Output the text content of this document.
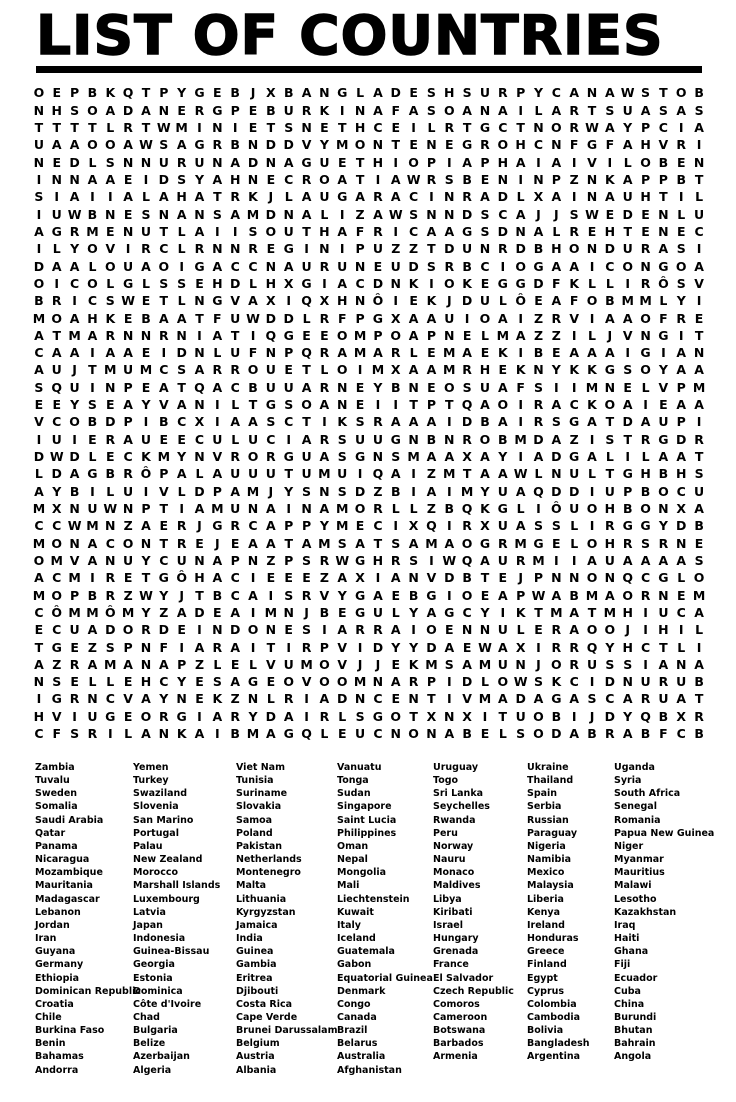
LIST OF COUNTRIES
O E P B K Q T P Y G E B J X B A N G L A D E S H S U R P Y C A N A W S T O B
N H S O A D A N E R G P E B U R K I N A F A S O A N A I L A R T S U A S A S
T T T T L R T W M I N I E T S N E T H C E I L R T G C T N O R W A Y P C I A
U A A O O A W S A G R B N D D V Y M O N T E N E G R O H C N F G F A H V R I
N E D L S N N U R U N A D N A G U E T H I O P I A P H A I A I V I L O B E N
I N N A A E I D S Y A H N E C R O A T I A W R S B E N I N P Z N K A P P B T
S I A I	I A L A H A T R K J L A U G A R A C I N R A D L X A I N A U H T I L
I U W B N E S N A N S A M D N A L I Z A W S N N D S C A J	J S W E D E N L U
A G R M E N U T L A I	I S O U T H A F R I C A A G S D N A L R E H T E N E C
I L Y O V I R C L R N N R E G I N I P U Z Z T D U N R D B H O N D U R A S I
D A A L O U A O I G A C C N A U R U N E U D S R B C I O G A A I C O N G O A
O I C O L G L S S E H D L H X G I A C D N K I O K E G G D F K L L I R Ô S V
B R I C S W E T L N G V A X I Q X H N Ô I E K J D U L Ô E A F O B M M L Y I
M O A H K E B A A T F U W D D L R F P G X A A U I O A I Z R V I A A O F R E
A T M A R N N R N I A T I Q G E E O M P O A P N E L M A Z Z I L J V N G I T
C A A I A A E I D N L U F N P Q R A M A R L E M A E K I B E A A A I G I A N
A U J T M U M C S A R R O U E T L O I M X A A M R H E K N Y K K G S O Y A A
S Q U I N P E A T Q A C B U U A R N E Y B N E O S U A F S I	I M N E L V P M
E E Y S E A Y V A N I L T G S O A N E I	I T P T Q A O I R A C K O A I E A A
V C O B D P I B C X I A A S C T I K S R A A A I D B A I R S G A T D A U P I
I U I E R A U E E C U L U C I A R S U U G N B N R O B M D A Z I S T R G D R
D W D L E C K M Y N V R O R G U A S G N S M A A X A Y I A D G A L I L A A T
L D A G B R Ô P A L A U U U T U M U I Q A I Z M T A A W L N U L T G H B H S
A Y B I L U I V L D P A M J Y S N S D Z B I A I M Y U A Q D D I U P B O C U
M X N U W N P T I A M U N A I N A M O R L L Z B Q K G L I Ô U O H B O N X A
C C W M N Z A E R J G R C A P P Y M E C I X Q I R X U A S S L I R G G Y D B
M O N A C O N T R E J E A A T A M S A T S A M A O G R M G E L O H R S R N E
O M V A N U Y C U N A P N Z P S R W G H R S I W Q A U R M I	I A U A A A A S
A C M I R E T G Ô H A C I E E E Z A X I A N V D B T E J P N N O N Q C G L O
M O P B R Z W Y J T B C A I S R V Y G A E B G I O E A P W A B M A O R N E M
C Ô M M Ô M Y Z A D E A I M N J B E G U L Y A G C Y I K T M A T M H I U C A
E C U A D O R D E I N D O N E S I A R R A I O E N N U L E R A O O J	I H I L
T G E Z S P N F I A R A I T I R P V I D Y Y D A E W A X I R R Q Y H C T L I
A Z R A M A N A P Z L E L V U M O V J	J E K M S A M U N J O R U S S I A N A
N S E L L E H C Y E S A G E O V O O M N A R P I D L O W S K C I D N U R U B
I G R N C V A Y N E K Z N L R I A D N C E N T I V M A D A G A S C A R U A T
H V I U G E O R G I A R Y D A I R L S G O T X N X I T U O B I	J D Y Q B X R
C F S R I L A N K A I B M A G Q L E U C N O N A B E L S O D A B R A B F C B
Zambia
Tuvalu
Sweden
Somalia
Saudi Arabia
Qatar
Panama
Nicaragua
Mozambique
Mauritania
Madagascar
Lebanon
Jordan
Iran
Guyana
Germany
Ethiopia
Dominican Republic
Croatia
Chile
Burkina Faso
Benin
Bahamas
Andorra
Yemen
Turkey
Swaziland
Slovenia
San Marino
Portugal
Palau
New Zealand
Morocco
Marshall Islands
Luxembourg
Latvia
Japan
Indonesia
Guinea-Bissau
Georgia
Estonia
Dominica
Côte d'Ivoire
Chad
Bulgaria
Belize
Azerbaijan
Algeria
Viet Nam
Tunisia
Suriname
Slovakia
Samoa
Poland
Pakistan
Netherlands
Montenegro
Malta
Lithuania
Kyrgyzstan
Jamaica
India
Guinea
Gambia
Eritrea
Djibouti
Costa Rica
Cape Verde
Brunei Darussalam
Belgium
Austria
Albania
Vanuatu
Tonga
Sudan
Singapore
Saint Lucia
Philippines
Oman
Nepal
Mongolia
Mali
Liechtenstein
Kuwait
Italy
Iceland
Guatemala
Gabon
Equatorial Guinea
Denmark
Congo
Canada
Brazil
Belarus
Australia
Afghanistan
Uruguay
Togo
Sri Lanka
Seychelles
Rwanda
Peru
Norway
Nauru
Monaco
Maldives
Libya
Kiribati
Israel
Hungary
Grenada
France
El Salvador
Czech Republic
Comoros
Cameroon
Botswana
Barbados
Armenia
Ukraine
Thailand
Spain
Serbia
Russian
Paraguay
Nigeria
Namibia
Mexico
Malaysia
Liberia
Kenya
Ireland
Honduras
Greece
Finland
Egypt
Cyprus
Colombia
Cambodia
Bolivia
Bangladesh
Argentina
Uganda
Syria
South Africa
Senegal
Romania
Papua New Guinea
Niger
Myanmar
Mauritius
Malawi
Lesotho
Kazakhstan
Iraq
Haiti
Ghana
Fiji
Ecuador
Cuba
China
Burundi
Bhutan
Bahrain
Angola
